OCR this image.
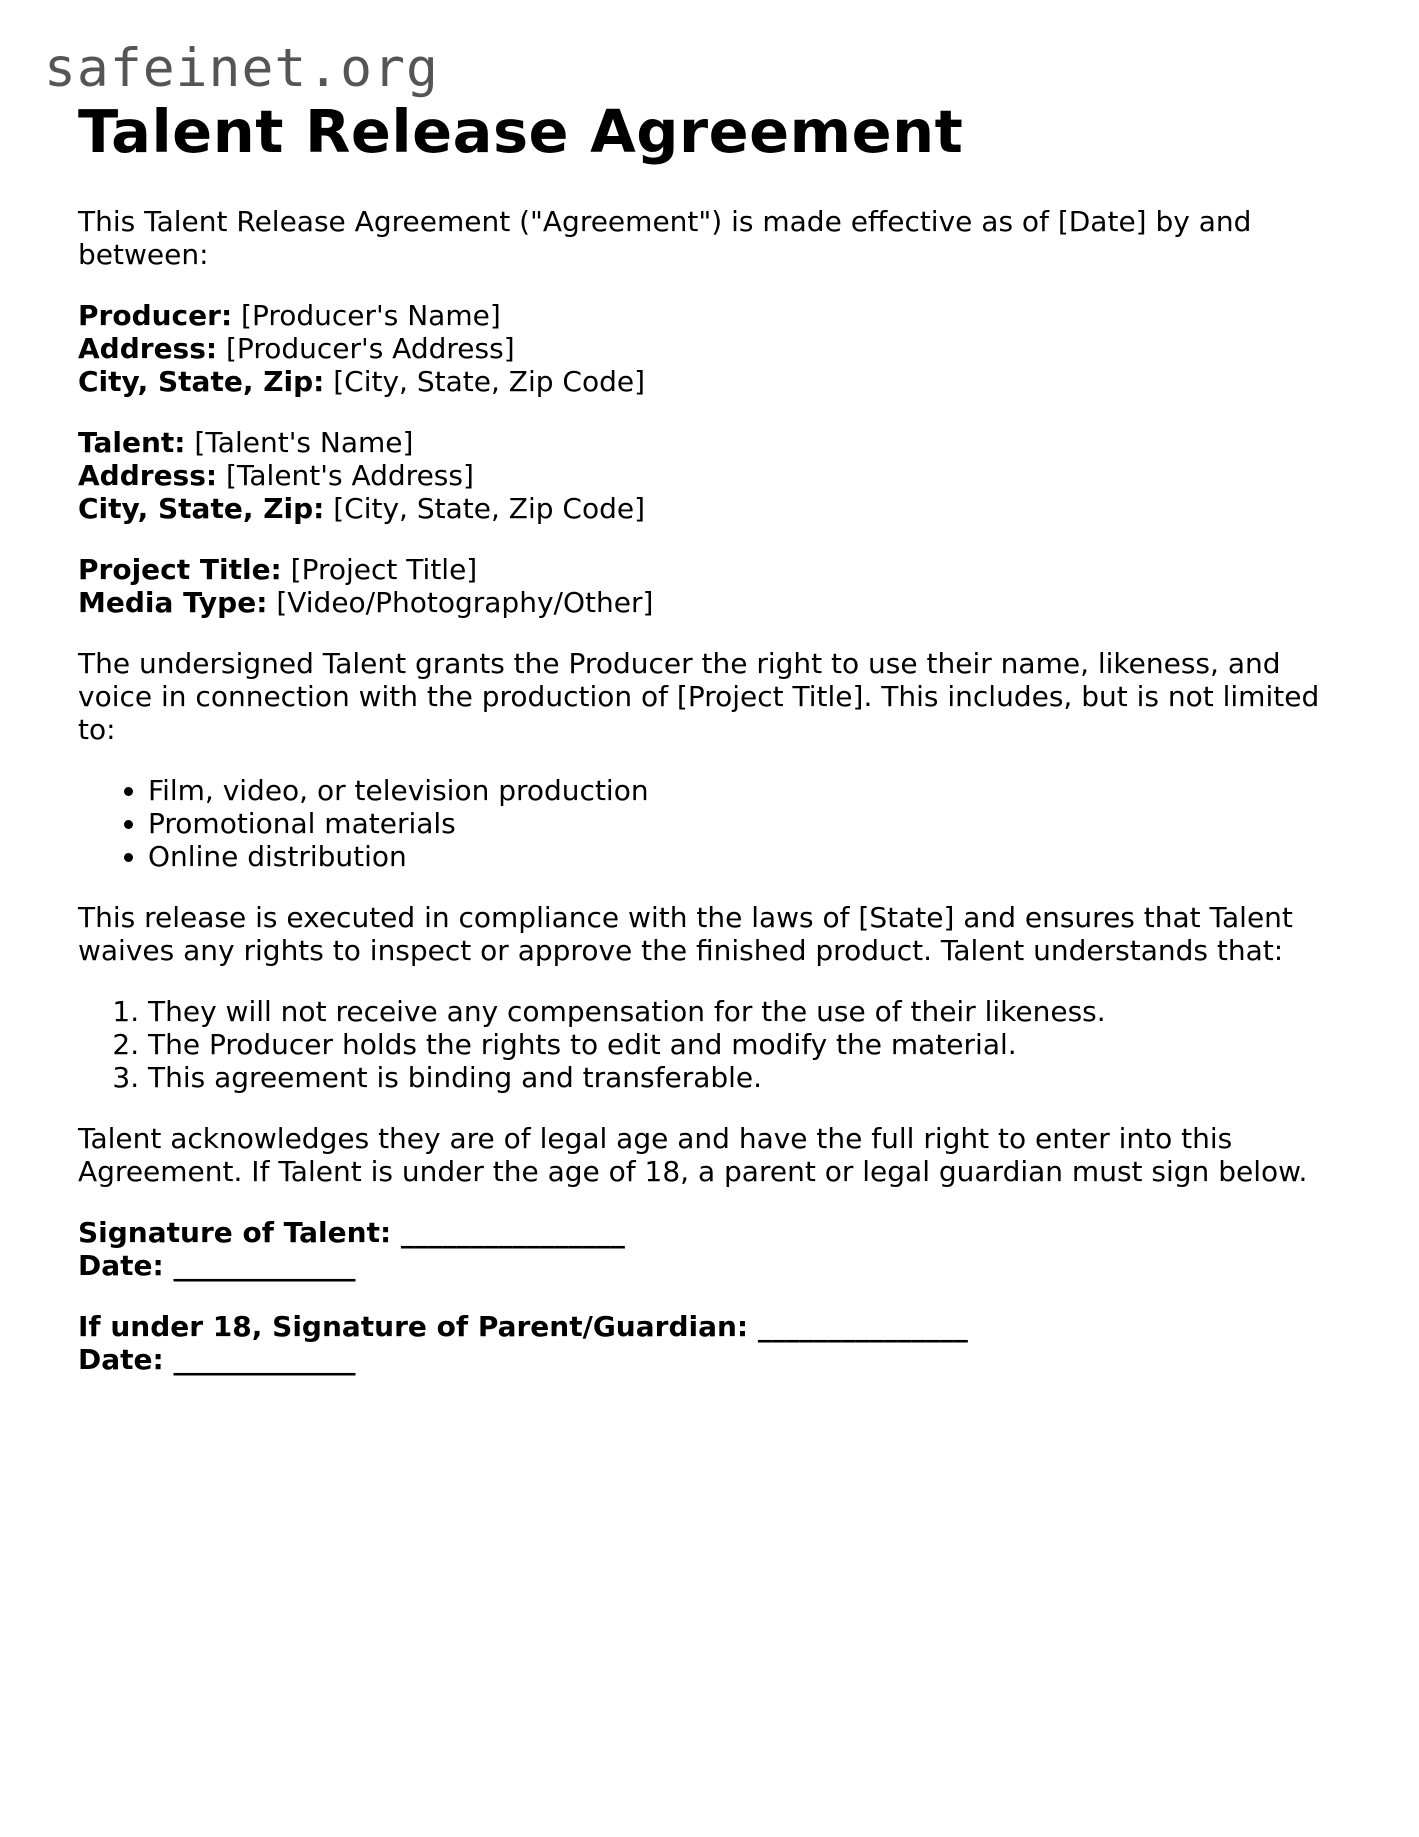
safeinet.org
Talent Release Agreement

This Talent Release Agreement ("Agreement") is made effective as of [Date] by and between:

Producer: [Producer's Name]
Address: [Producer's Address]
City, State, Zip: [City, State, Zip Code]

Talent: [Talent's Name]
Address: [Talent's Address]
City, State, Zip: [City, State, Zip Code]

Project Title: [Project Title]
Media Type: [Video/Photography/Other]

The undersigned Talent grants the Producer the right to use their name, likeness, and voice in connection with the production of [Project Title]. This includes, but is not limited to:

• Film, video, or television production
• Promotional materials
• Online distribution

This release is executed in compliance with the laws of [State] and ensures that Talent waives any rights to inspect or approve the finished product. Talent understands that:

1. They will not receive any compensation for the use of their likeness.
2. The Producer holds the rights to edit and modify the material.
3. This agreement is binding and transferable.

Talent acknowledges they are of legal age and have the full right to enter into this Agreement. If Talent is under the age of 18, a parent or legal guardian must sign below.

Signature of Talent: ________________
Date: _____________

If under 18, Signature of Parent/Guardian: _______________
Date: _____________
